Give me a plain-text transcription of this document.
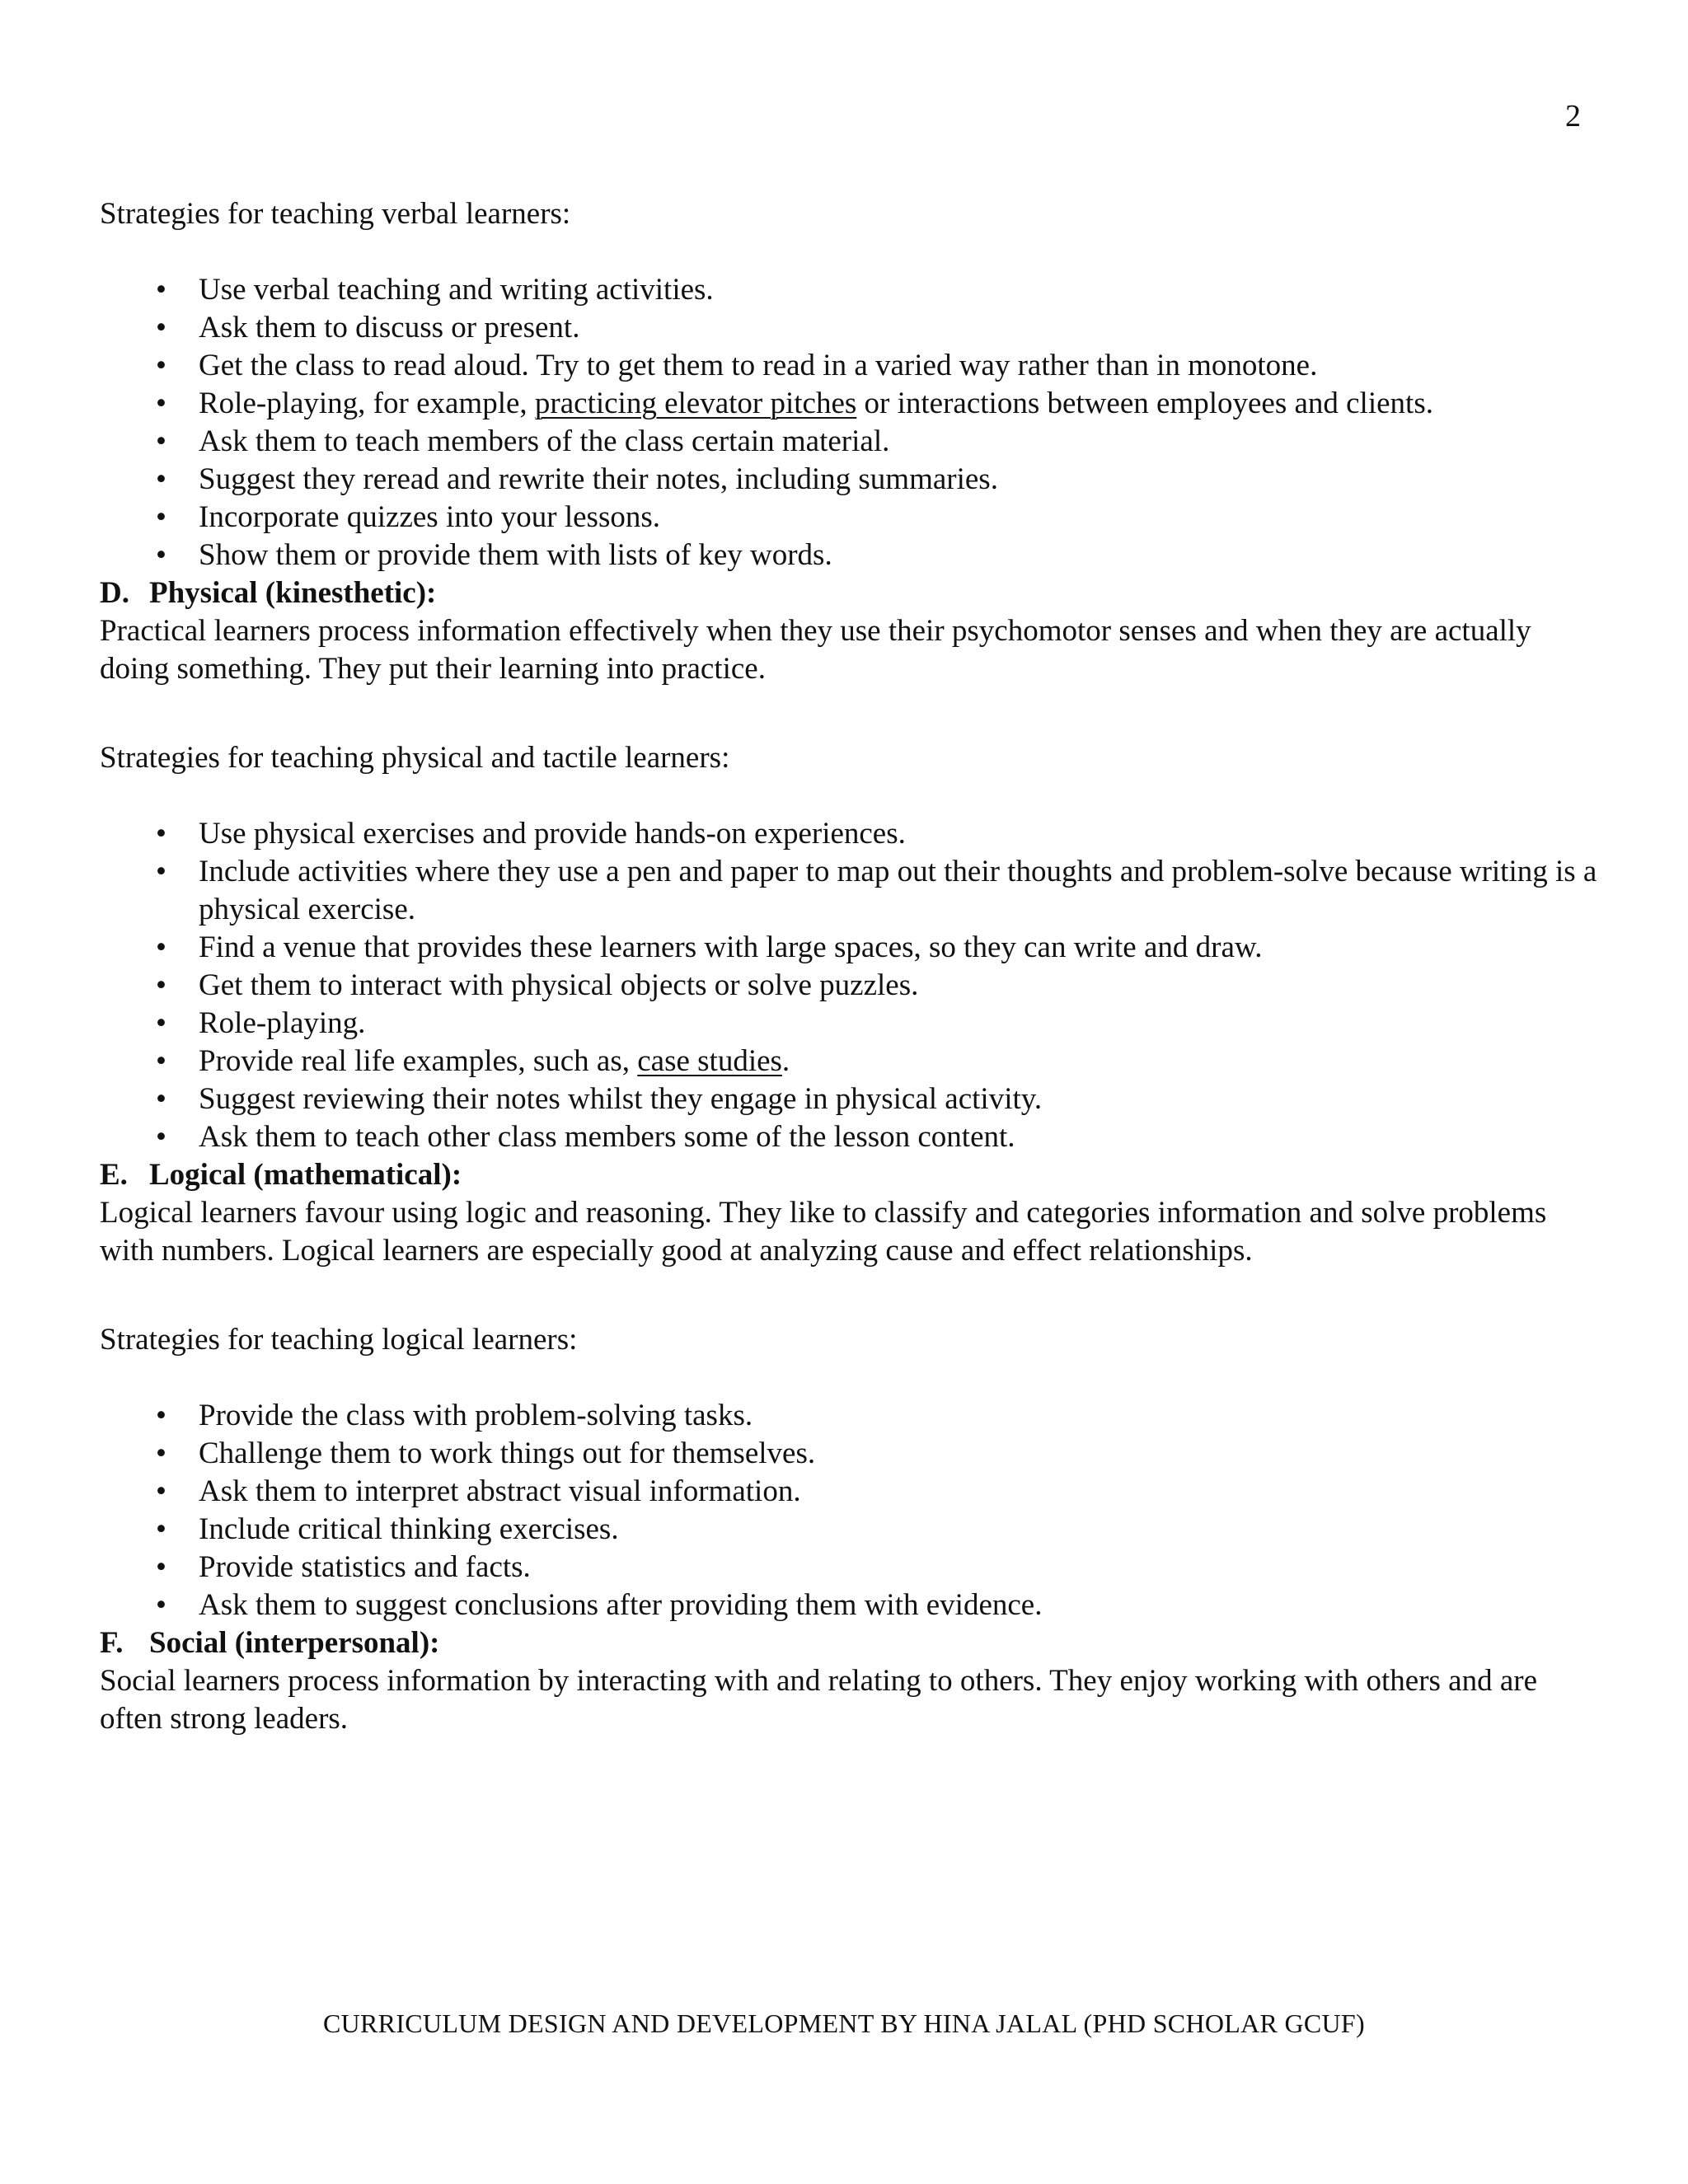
2

Strategies for teaching verbal learners:

• Use verbal teaching and writing activities.
• Ask them to discuss or present.
• Get the class to read aloud. Try to get them to read in a varied way rather than in monotone.
• Role-playing, for example, practicing elevator pitches or interactions between employees and clients.
• Ask them to teach members of the class certain material.
• Suggest they reread and rewrite their notes, including summaries.
• Incorporate quizzes into your lessons.
• Show them or provide them with lists of key words.
D. Physical (kinesthetic):

Practical learners process information effectively when they use their psychomotor senses and when they are actually doing something. They put their learning into practice.

Strategies for teaching physical and tactile learners:

• Use physical exercises and provide hands-on experiences.
• Include activities where they use a pen and paper to map out their thoughts and problem-solve because writing is a physical exercise.
• Find a venue that provides these learners with large spaces, so they can write and draw.
• Get them to interact with physical objects or solve puzzles.
• Role-playing.
• Provide real life examples, such as, case studies.
• Suggest reviewing their notes whilst they engage in physical activity.
• Ask them to teach other class members some of the lesson content.
E. Logical (mathematical):

Logical learners favour using logic and reasoning. They like to classify and categories information and solve problems with numbers. Logical learners are especially good at analyzing cause and effect relationships.

Strategies for teaching logical learners:

• Provide the class with problem-solving tasks.
• Challenge them to work things out for themselves.
• Ask them to interpret abstract visual information.
• Include critical thinking exercises.
• Provide statistics and facts.
• Ask them to suggest conclusions after providing them with evidence.
F. Social (interpersonal):

Social learners process information by interacting with and relating to others. They enjoy working with others and are often strong leaders.

CURRICULUM DESIGN AND DEVELOPMENT BY HINA JALAL (PHD SCHOLAR GCUF)
